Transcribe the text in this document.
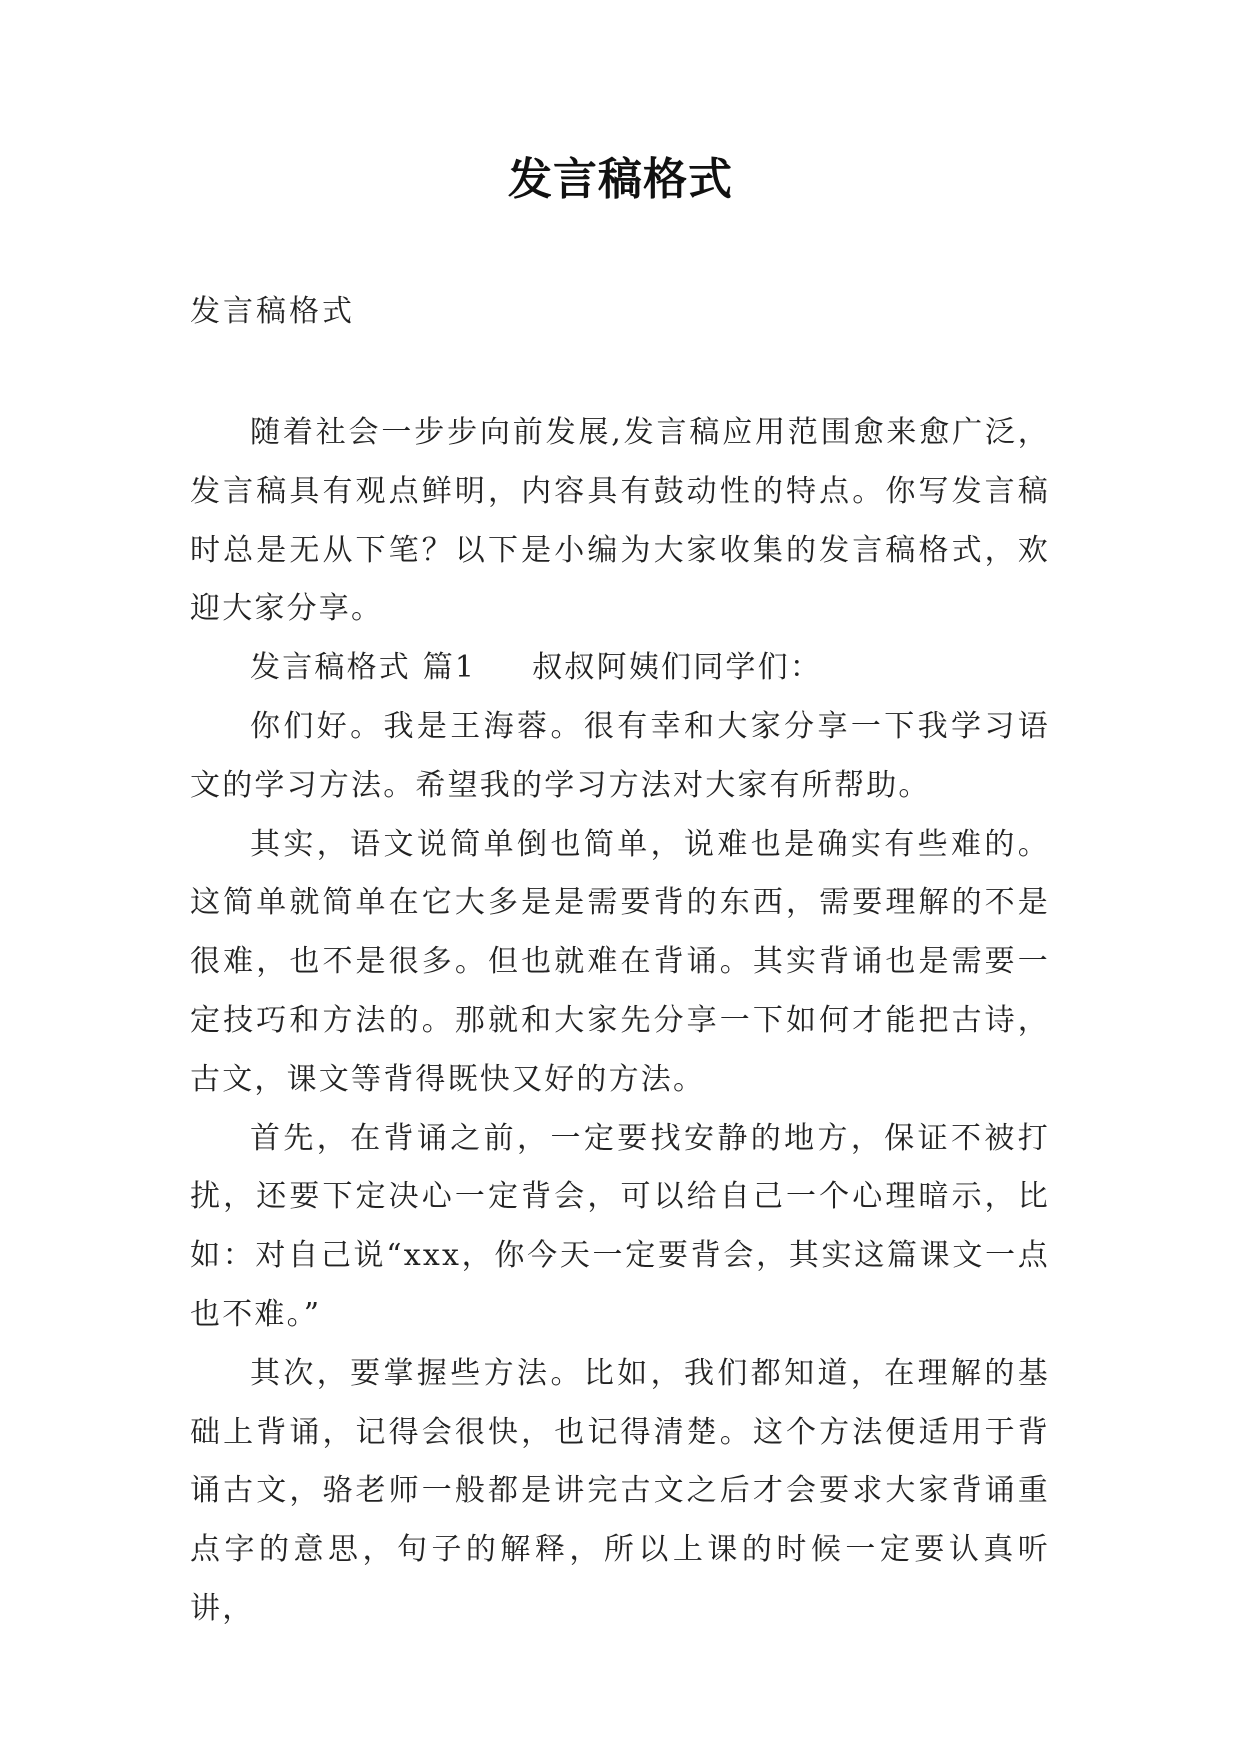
发言稿格式
发言稿格式

随着社会一步步向前发展,发言稿应用范围愈来愈广泛，发言稿具有观点鲜明，内容具有鼓动性的特点。你写发言稿时总是无从下笔？以下是小编为大家收集的发言稿格式，欢迎大家分享。

发言稿格式 篇1 叔叔阿姨们同学们：

你们好。我是王海蓉。很有幸和大家分享一下我学习语文的学习方法。希望我的学习方法对大家有所帮助。

其实，语文说简单倒也简单，说难也是确实有些难的。这简单就简单在它大多是是需要背的东西，需要理解的不是很难，也不是很多。但也就难在背诵。其实背诵也是需要一定技巧和方法的。那就和大家先分享一下如何才能把古诗，古文，课文等背得既快又好的方法。

首先，在背诵之前，一定要找安静的地方，保证不被打扰，还要下定决心一定背会，可以给自己一个心理暗示，比如：对自己说“xxx，你今天一定要背会，其实这篇课文一点也不难。”

其次，要掌握些方法。比如，我们都知道，在理解的基础上背诵，记得会很快，也记得清楚。这个方法便适用于背诵古文，骆老师一般都是讲完古文之后才会要求大家背诵重点字的意思，句子的解释，所以上课的时候一定要认真听讲，
